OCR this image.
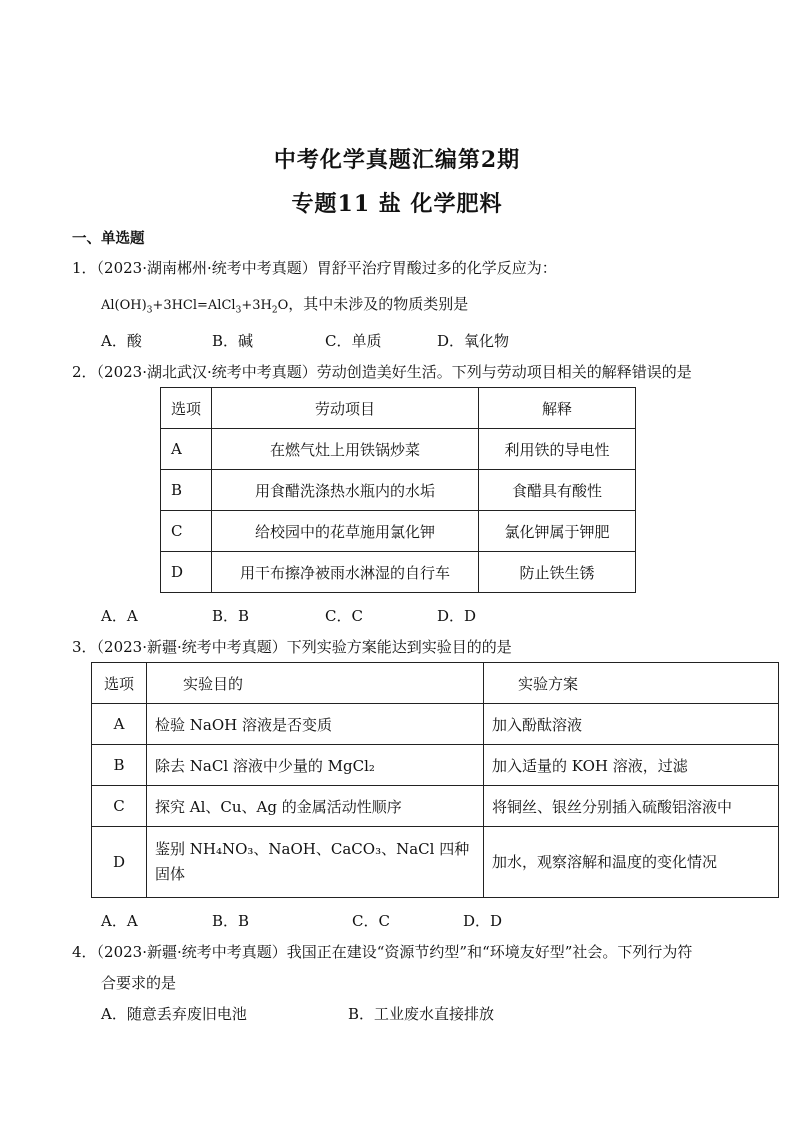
中考化学真题汇编第2期
专题11 盐 化学肥料
一、单选题
1．（2023·湖南郴州·统考中考真题）胃舒平治疗胃酸过多的化学反应为：
$Al(OH)_3+3HCl=AlCl_3+3H_2O$，其中未涉及的物质类别是
A．酸	B．碱	C．单质	D．氧化物
2．（2023·湖北武汉·统考中考真题）劳动创造美好生活。下列与劳动项目相关的解释错误的是
选项	劳动项目	解释
A	在燃气灶上用铁锅炒菜	利用铁的导电性
B	用食醋洗涤热水瓶内的水垢	食醋具有酸性
C	给校园中的花草施用氯化钾	氯化钾属于钾肥
D	用干布擦净被雨水淋湿的自行车	防止铁生锈
A．A	B．B	C．C	D．D
3．（2023·新疆·统考中考真题）下列实验方案能达到实验目的的是
选项	实验目的	实验方案
A	检验 NaOH 溶液是否变质	加入酚酞溶液
B	除去 NaCl 溶液中少量的 MgCl₂	加入适量的 KOH 溶液，过滤
C	探究 Al、Cu、Ag 的金属活动性顺序	将铜丝、银丝分别插入硫酸铝溶液中
D	鉴别 NH₄NO₃、NaOH、CaCO₃、NaCl 四种固体	加水，观察溶解和温度的变化情况
A．A	B．B	C．C	D．D
4．（2023·新疆·统考中考真题）我国正在建设“资源节约型”和“环境友好型”社会。下列行为符
合要求的是
A．随意丢弃废旧电池	B．工业废水直接排放
